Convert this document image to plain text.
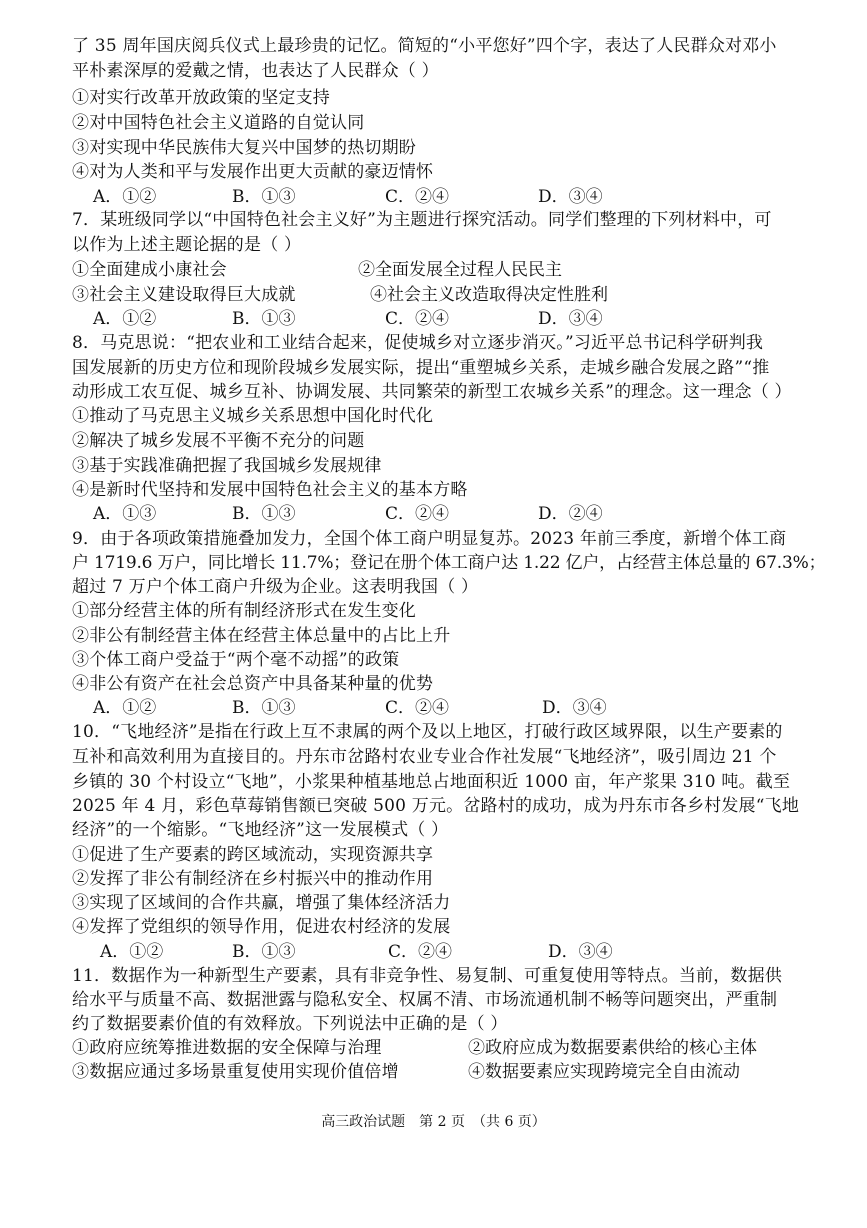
了 35 周年国庆阅兵仪式上最珍贵的记忆。简短的“小平您好”四个字，表达了人民群众对邓小
平朴素深厚的爱戴之情，也表达了人民群众（ ）
①对实行改革开放政策的坚定支持
②对中国特色社会主义道路的自觉认同
③对实现中华民族伟大复兴中国梦的热切期盼
④对为人类和平与发展作出更大贡献的豪迈情怀
A．①②	B．①③	C．②④	D．③④
7．某班级同学以“中国特色社会主义好”为主题进行探究活动。同学们整理的下列材料中，可
以作为上述主题论据的是（ ）
①全面建成小康社会	②全面发展全过程人民民主
③社会主义建设取得巨大成就	④社会主义改造取得决定性胜利
A．①②	B．①③	C．②④	D．③④
8．马克思说：“把农业和工业结合起来，促使城乡对立逐步消灭。”习近平总书记科学研判我
国发展新的历史方位和现阶段城乡发展实际，提出“重塑城乡关系，走城乡融合发展之路”“推
动形成工农互促、城乡互补、协调发展、共同繁荣的新型工农城乡关系”的理念。这一理念（ ）
①推动了马克思主义城乡关系思想中国化时代化
②解决了城乡发展不平衡不充分的问题
③基于实践准确把握了我国城乡发展规律
④是新时代坚持和发展中国特色社会主义的基本方略
A．①③	B．①③	C．②④	D．②④
9．由于各项政策措施叠加发力，全国个体工商户明显复苏。2023 年前三季度，新增个体工商
户 1719.6 万户，同比增长 11.7%；登记在册个体工商户达 1.22 亿户，占经营主体总量的 67.3%；
超过 7 万户个体工商户升级为企业。这表明我国（ ）
①部分经营主体的所有制经济形式在发生变化
②非公有制经营主体在经营主体总量中的占比上升
③个体工商户受益于“两个毫不动摇”的政策
④非公有资产在社会总资产中具备某种量的优势
A．①②	B．①③	C．②④	D．③④
10．“飞地经济”是指在行政上互不隶属的两个及以上地区，打破行政区域界限，以生产要素的
互补和高效利用为直接目的。丹东市岔路村农业专业合作社发展“飞地经济”，吸引周边 21 个
乡镇的 30 个村设立“飞地”，小浆果种植基地总占地面积近 1000 亩，年产浆果 310 吨。截至
2025 年 4 月，彩色草莓销售额已突破 500 万元。岔路村的成功，成为丹东市各乡村发展“飞地
经济”的一个缩影。“飞地经济”这一发展模式（ ）
①促进了生产要素的跨区域流动，实现资源共享
②发挥了非公有制经济在乡村振兴中的推动作用
③实现了区域间的合作共赢，增强了集体经济活力
④发挥了党组织的领导作用，促进农村经济的发展
A．①②	B．①③	C．②④	D．③④
11．数据作为一种新型生产要素，具有非竞争性、易复制、可重复使用等特点。当前，数据供
给水平与质量不高、数据泄露与隐私安全、权属不清、市场流通机制不畅等问题突出，严重制
约了数据要素价值的有效释放。下列说法中正确的是（ ）
①政府应统筹推进数据的安全保障与治理	②政府应成为数据要素供给的核心主体
③数据应通过多场景重复使用实现价值倍增	④数据要素应实现跨境完全自由流动
高三政治试题　第 2 页　（共 6 页）
